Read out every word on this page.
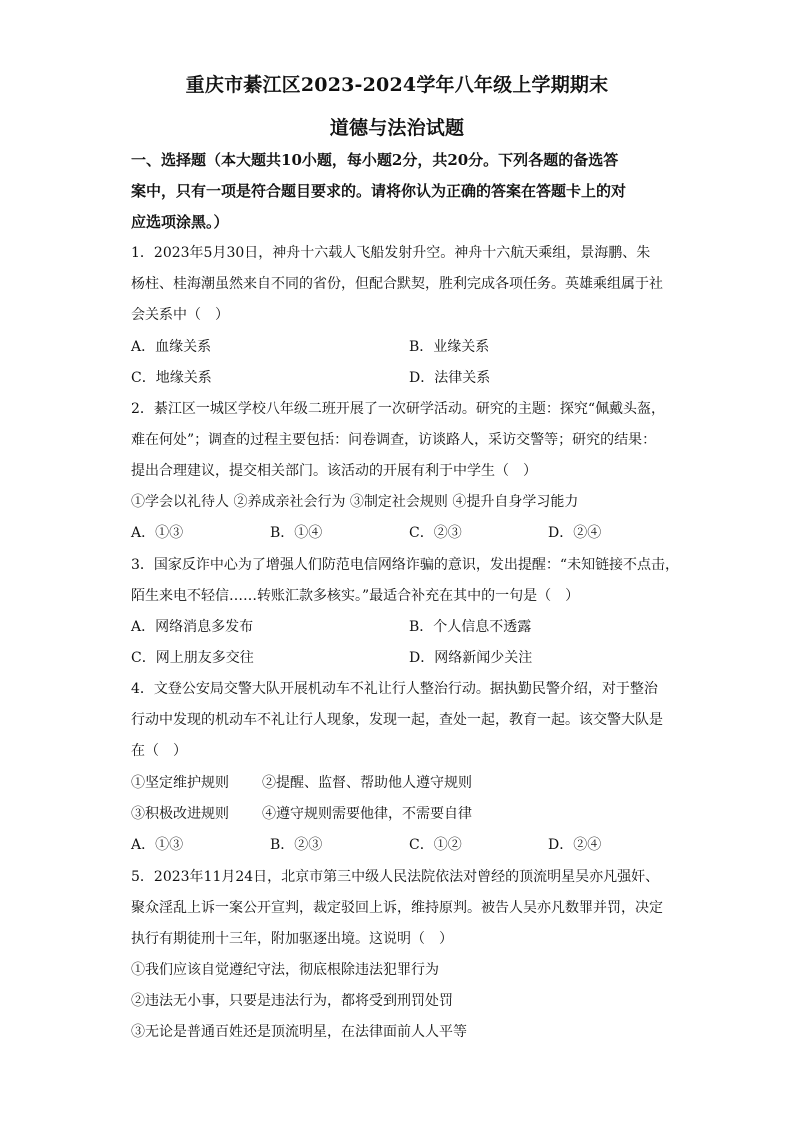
重庆市綦江区2023-2024学年八年级上学期期末
道德与法治试题
一、选择题（本大题共10小题，每小题2分，共20分。下列各题的备选答
案中，只有一项是符合题目要求的。请将你认为正确的答案在答题卡上的对
应选项涂黑。）
1．2023年5月30日，神舟十六载人飞船发射升空。神舟十六航天乘组，景海鹏、朱
杨柱、桂海潮虽然来自不同的省份，但配合默契，胜利完成各项任务。英雄乘组属于社
会关系中（　）
A．血缘关系	B．业缘关系
C．地缘关系	D．法律关系
2．綦江区一城区学校八年级二班开展了一次研学活动。研究的主题：探究“佩戴头盔，
难在何处”；调查的过程主要包括：问卷调查，访谈路人，采访交警等；研究的结果：
提出合理建议，提交相关部门。该活动的开展有利于中学生（　）
①学会以礼待人 ②养成亲社会行为 ③制定社会规则 ④提升自身学习能力
A．①③	B．①④	C．②③	D．②④
3．国家反诈中心为了增强人们防范电信网络诈骗的意识，发出提醒：“未知链接不点击，
陌生来电不轻信……转账汇款多核实。”最适合补充在其中的一句是（　）
A．网络消息多发布	B．个人信息不透露
C．网上朋友多交往	D．网络新闻少关注
4．文登公安局交警大队开展机动车不礼让行人整治行动。据执勤民警介绍，对于整治
行动中发现的机动车不礼让行人现象，发现一起，查处一起，教育一起。该交警大队是
在（　）
①坚定维护规则 ②提醒、监督、帮助他人遵守规则
③积极改进规则 ④遵守规则需要他律，不需要自律
A．①③	B．②③	C．①②	D．②④
5．2023年11月24日，北京市第三中级人民法院依法对曾经的顶流明星吴亦凡强奸、
聚众淫乱上诉一案公开宣判，裁定驳回上诉，维持原判。被告人吴亦凡数罪并罚，决定
执行有期徒刑十三年，附加驱逐出境。这说明（　）
①我们应该自觉遵纪守法，彻底根除违法犯罪行为
②违法无小事，只要是违法行为，都将受到刑罚处罚
③无论是普通百姓还是顶流明星，在法律面前人人平等
